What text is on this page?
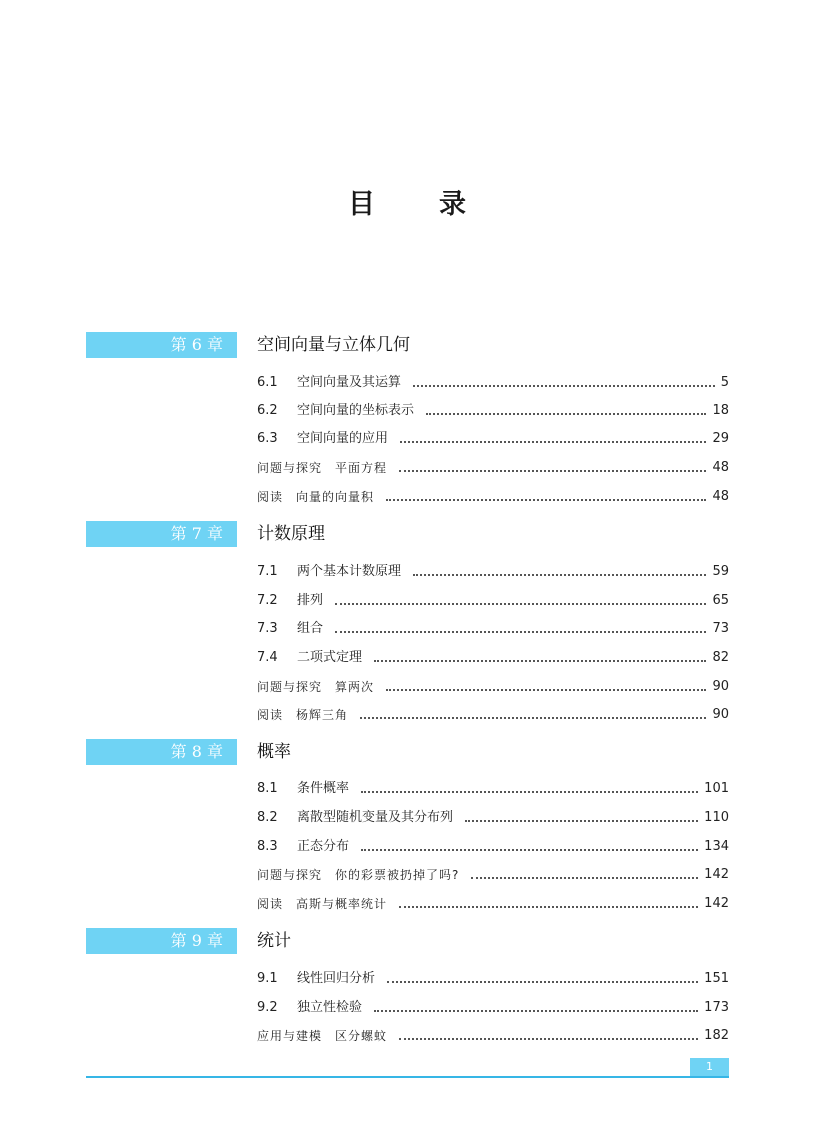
目 录
第 6 章	空间向量与立体几何
6.1	空间向量及其运算	5
6.2	空间向量的坐标表示	18
6.3	空间向量的应用	29
问题与探究　平面方程	48
阅读　向量的向量积	48
第 7 章	计数原理
7.1	两个基本计数原理	59
7.2	排列	65
7.3	组合	73
7.4	二项式定理	82
问题与探究　算两次	90
阅读　杨辉三角	90
第 8 章	概率
8.1	条件概率	101
8.2	离散型随机变量及其分布列	110
8.3	正态分布	134
问题与探究　你的彩票被扔掉了吗?	142
阅读　高斯与概率统计	142
第 9 章	统计
9.1	线性回归分析	151
9.2	独立性检验	173
应用与建模　区分螺蚊	182
1
